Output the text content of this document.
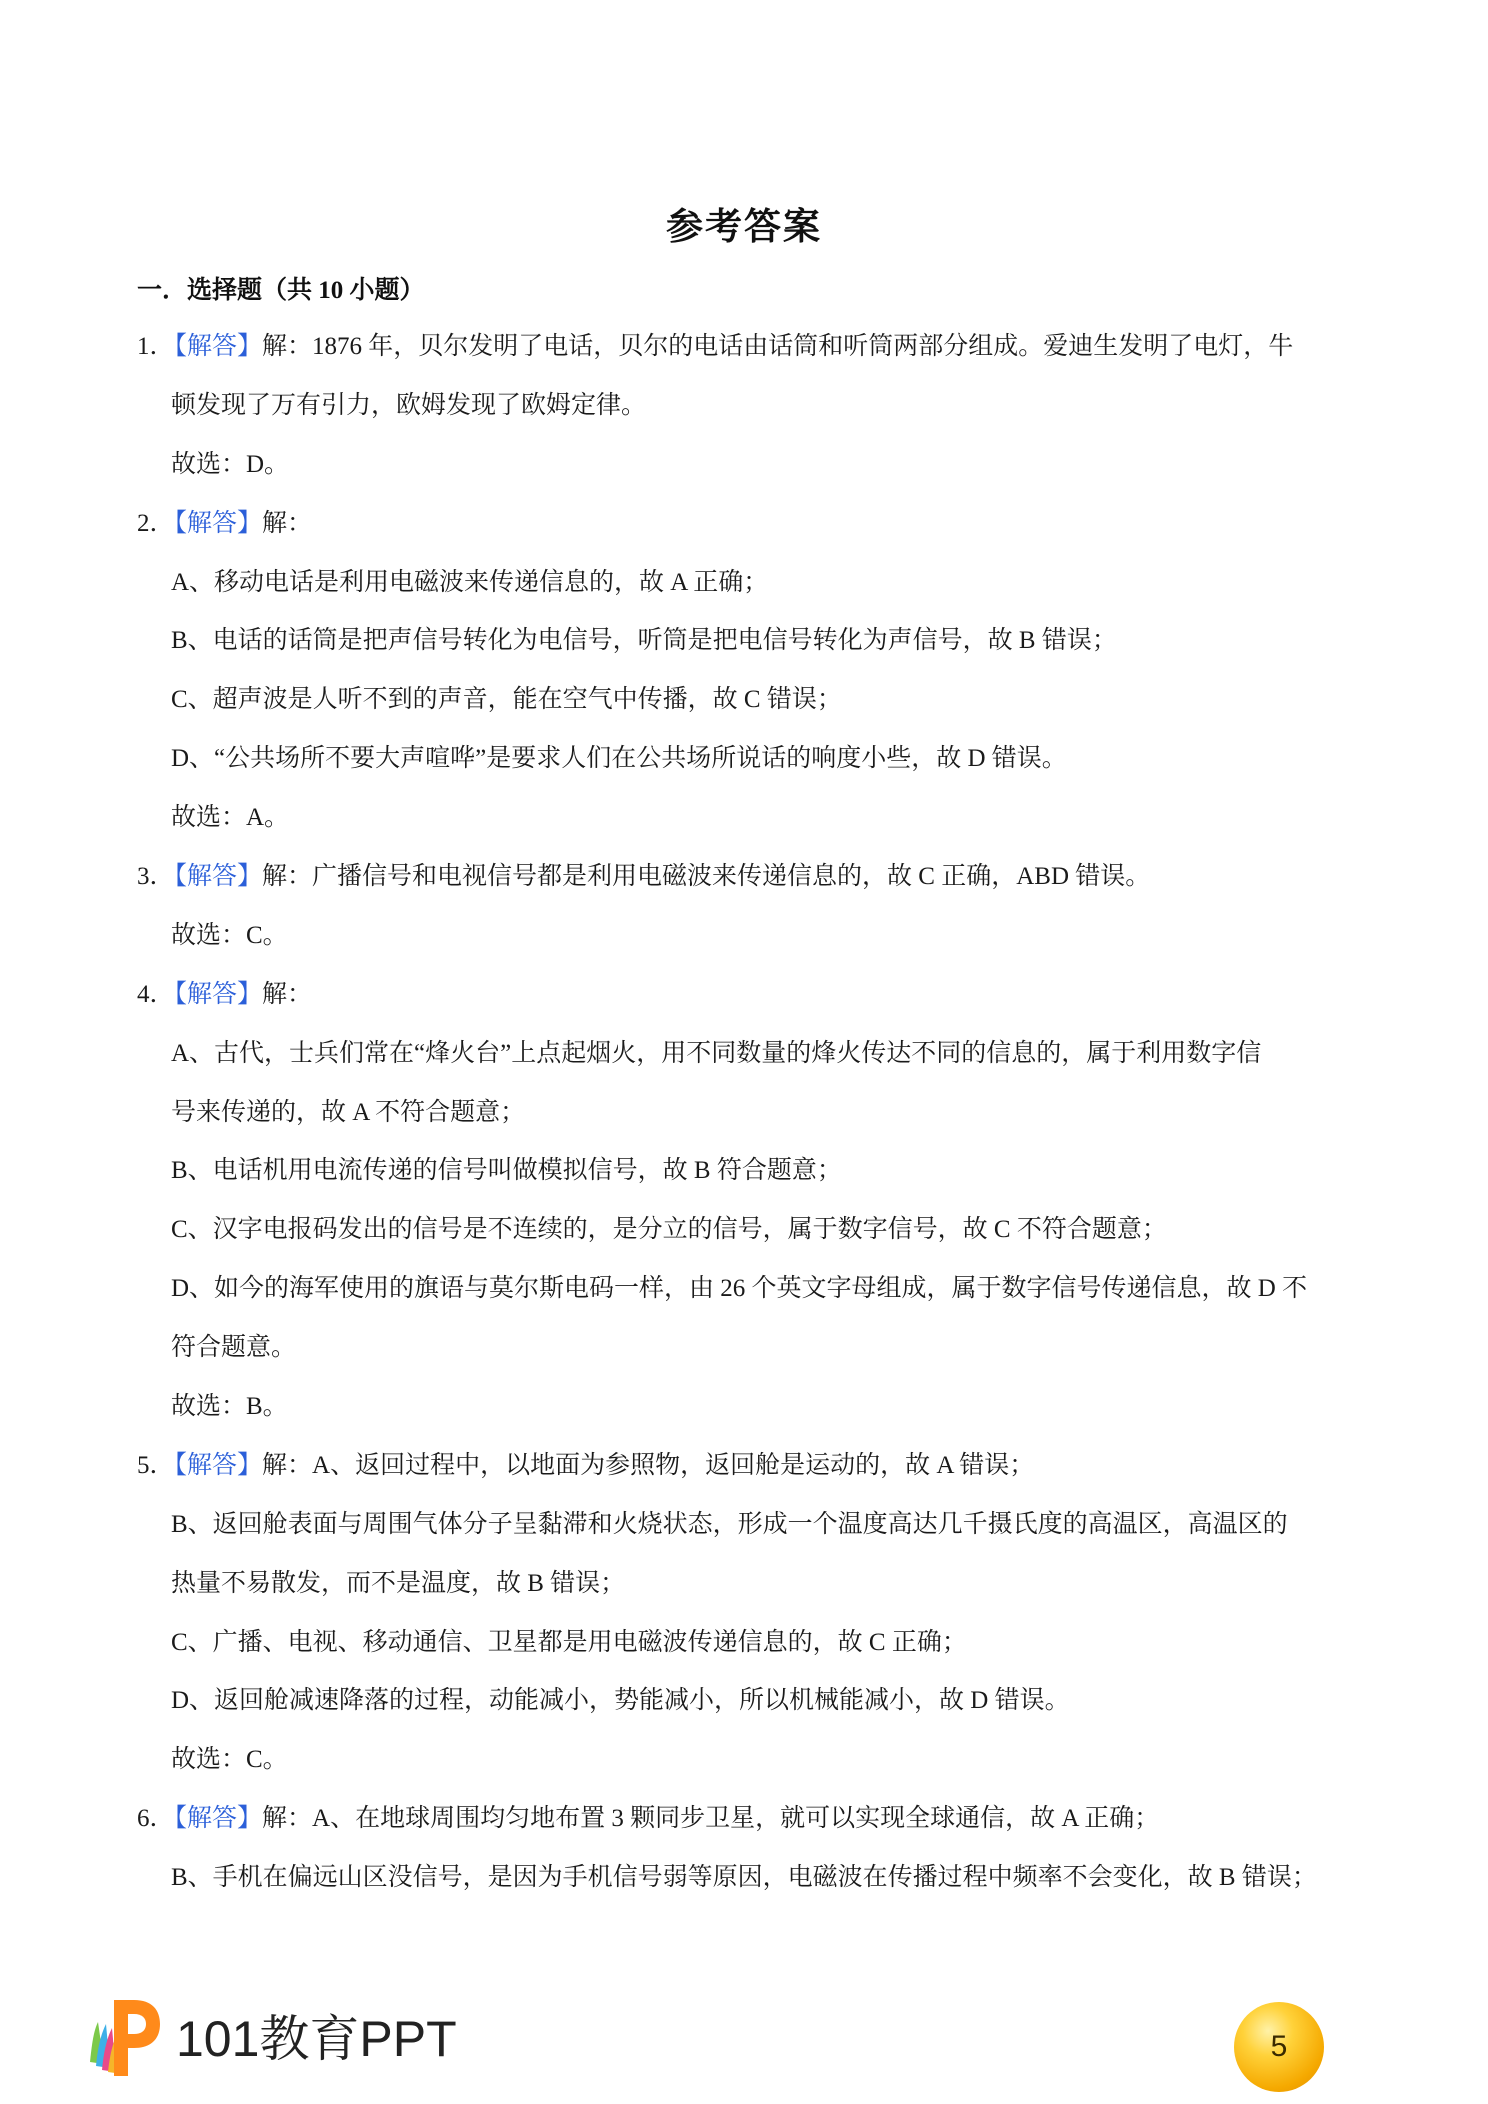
参考答案
一．选择题（共 10 小题）
1．【解答】解：1876 年，贝尔发明了电话，贝尔的电话由话筒和听筒两部分组成。爱迪生发明了电灯，牛
顿发现了万有引力，欧姆发现了欧姆定律。
故选：D。
2．【解答】解：
A、移动电话是利用电磁波来传递信息的，故 A 正确；
B、电话的话筒是把声信号转化为电信号，听筒是把电信号转化为声信号，故 B 错误；
C、超声波是人听不到的声音，能在空气中传播，故 C 错误；
D、“公共场所不要大声喧哗”是要求人们在公共场所说话的响度小些，故 D 错误。
故选：A。
3．【解答】解：广播信号和电视信号都是利用电磁波来传递信息的，故 C 正确，ABD 错误。
故选：C。
4．【解答】解：
A、古代，士兵们常在“烽火台”上点起烟火，用不同数量的烽火传达不同的信息的，属于利用数字信
号来传递的，故 A 不符合题意；
B、电话机用电流传递的信号叫做模拟信号，故 B 符合题意；
C、汉字电报码发出的信号是不连续的，是分立的信号，属于数字信号，故 C 不符合题意；
D、如今的海军使用的旗语与莫尔斯电码一样，由 26 个英文字母组成，属于数字信号传递信息，故 D 不
符合题意。
故选：B。
5．【解答】解：A、返回过程中，以地面为参照物，返回舱是运动的，故 A 错误；
B、返回舱表面与周围气体分子呈黏滞和火烧状态，形成一个温度高达几千摄氏度的高温区，高温区的
热量不易散发，而不是温度，故 B 错误；
C、广播、电视、移动通信、卫星都是用电磁波传递信息的，故 C 正确；
D、返回舱减速降落的过程，动能减小，势能减小，所以机械能减小，故 D 错误。
故选：C。
6．【解答】解：A、在地球周围均匀地布置 3 颗同步卫星，就可以实现全球通信，故 A 正确；
B、手机在偏远山区没信号，是因为手机信号弱等原因，电磁波在传播过程中频率不会变化，故 B 错误；
101教育PPT	5
